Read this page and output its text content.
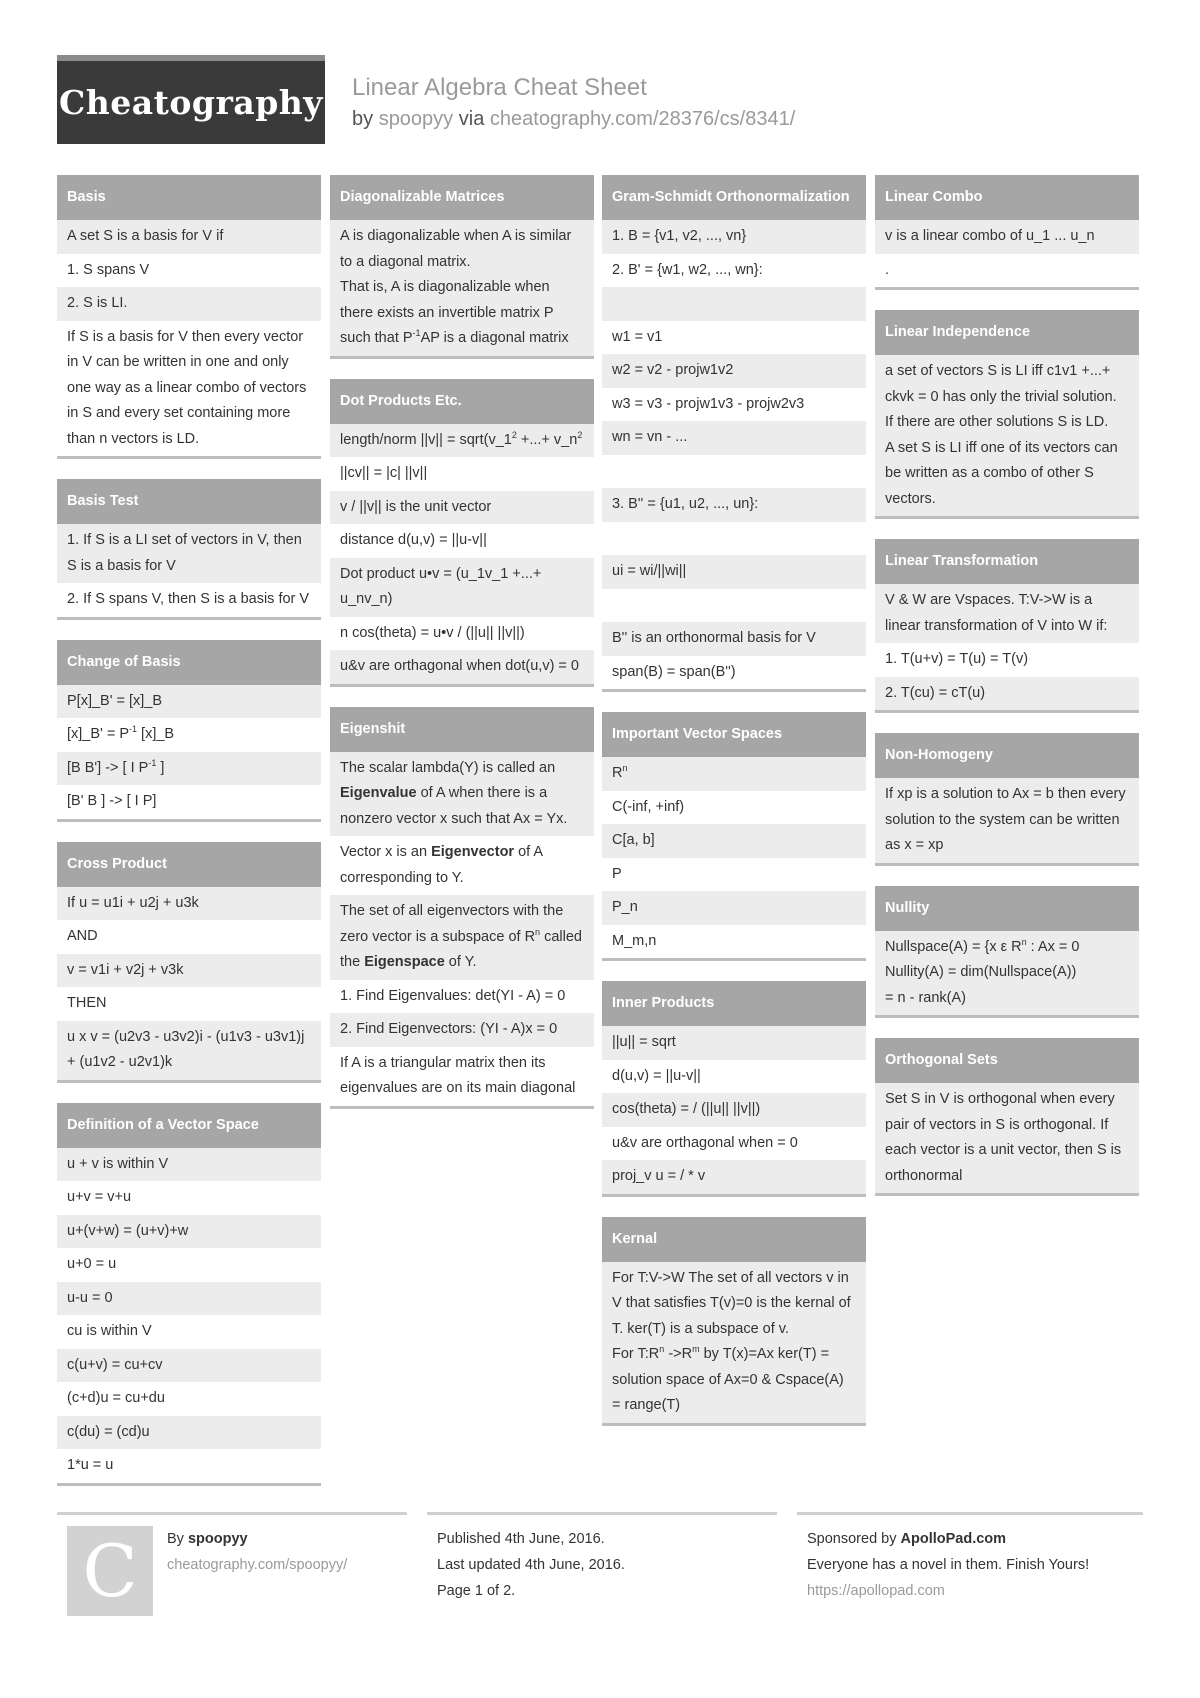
Cheatography Linear Algebra Cheat Sheet
by spoopyy via cheatography.com/28376/cs/8341/
Basis
A set S is a basis for V if
1. S spans V
2. S is LI.
If S is a basis for V then every vector in V can be written in one and only one way as a linear combo of vectors in S and every set containing more than n vectors is LD.
Basis Test
1. If S is a LI set of vectors in V, then S is a basis for V
2. If S spans V, then S is a basis for V
Change of Basis
P[x]_B' = [x]_B
[x]_B' = $P^{-1}$ [x]_B
[B B'] -> [ I $P^{-1}$ ]
[B' B ] -> [ I P]
Cross Product
If u = u1i + u2j + u3k
AND
v = v1i + v2j + v3k
THEN
u x v = (u2v3 - u3v2)i - (u1v3 - u3v1)j + (u1v2 - u2v1)k
Definition of a Vector Space
u + v is within V
u+v = v+u
u+(v+w) = (u+v)+w
u+0 = u
u-u = 0
cu is within V
c(u+v) = cu+cv
(c+d)u = cu+du
c(du) = (cd)u
1*u = u
Diagonalizable Matrices
A is diagonalizable when A is similar to a diagonal matrix.
That is, A is diagonalizable when there exists an invertible matrix P such that $P^{-1}AP$ is a diagonal matrix
Dot Products Etc.
length/norm $||v|| = sqrt(v\_1^2$ +...+ $v\_n^2$
||cv|| = |c| ||v||
v / ||v|| is the unit vector
distance d(u,v) = ||u-v||
Dot product u•v = (u_1v_1 +...+ u_nv_n)
n cos(theta) = u•v / (||u|| ||v||)
u&v are orthagonal when dot(u,v) = 0
Eigenshit
The scalar lambda(Y) is called an Eigenvalue of A when there is a nonzero vector x such that Ax = Yx.
Vector x is an Eigenvector of A corresponding to Y.
The set of all eigenvectors with the zero vector is a subspace of $R^n$ called the Eigenspace of Y.
1. Find Eigenvalues: det(YI - A) = 0
2. Find Eigenvectors: (YI - A)x = 0
If A is a triangular matrix then its eigenvalues are on its main diagonal
Gram-Schmidt Orthonormalization
1. B = {v1, v2, ..., vn}
2. B' = {w1, w2, ..., wn}:

w1 = v1
w2 = v2 - projw1v2
w3 = v3 - projw1v3 - projw2v3
wn = vn - ...

3. B'' = {u1, u2, ..., un}:

ui = wi/||wi||

B'' is an orthonormal basis for V
span(B) = span(B'')
Important Vector Spaces
$R^n$
C(-inf, +inf)
C[a, b]
P
P_n
M_m,n
Inner Products
||u|| = sqrt
d(u,v) = ||u-v||
cos(theta) = / (||u|| ||v||)
u&v are orthagonal when = 0
proj_v u = / * v
Kernal
For T:V->W The set of all vectors v in V that satisfies T(v)=0 is the kernal of T. ker(T) is a subspace of v.
For $T:R^n$ $->R^m$ by T(x)=Ax ker(T) = solution space of Ax=0 & Cspace(A) = range(T)
Linear Combo
v is a linear combo of u_1 ... u_n
.
Linear Independence
a set of vectors S is LI iff c1v1 +...+ ckvk = 0 has only the trivial solution.
If there are other solutions S is LD.
A set S is LI iff one of its vectors can
be written as a combo of other S vectors.
Linear Transformation
V & W are Vspaces. T:V->W is a linear transformation of V into W if:
1. T(u+v) = T(u) = T(v)
2. T(cu) = cT(u)
Non-Homogeny
If xp is a solution to Ax = b then every solution to the system can be written as x = xp
Nullity
Nullspace(A) = {x ε $R^n$ : Ax = 0
Nullity(A) = dim(Nullspace(A))
= n - rank(A)
Orthogonal Sets
Set S in V is orthogonal when every pair of vectors in S is orthogonal. If each vector is a unit vector, then S is orthonormal
C By spoopyy
cheatography.com/spoopyy/
Published 4th June, 2016.
Last updated 4th June, 2016.
Page 1 of 2.
Sponsored by ApolloPad.com
Everyone has a novel in them. Finish Yours!
https://apollopad.com
